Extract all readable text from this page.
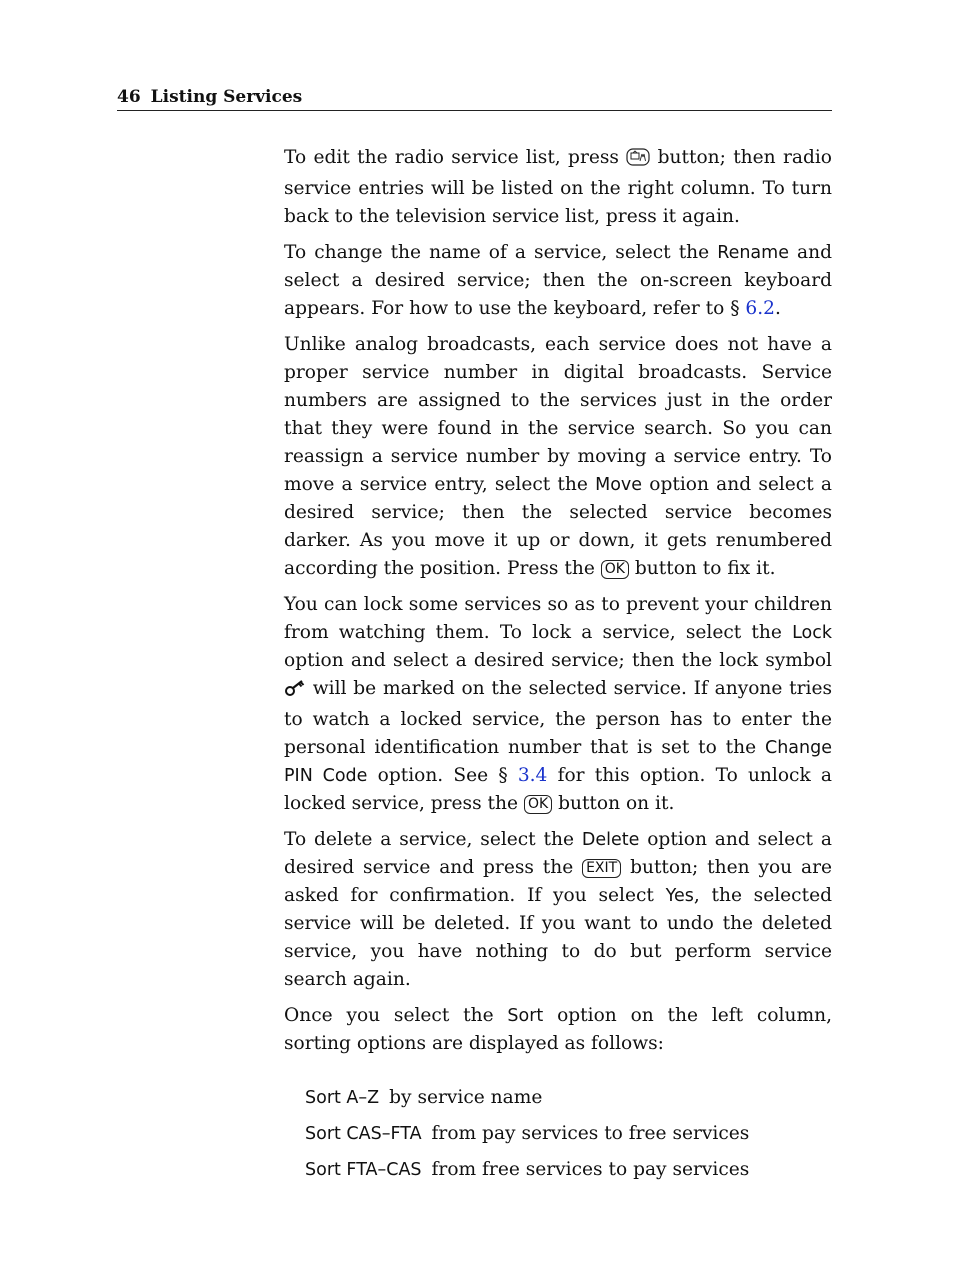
46 Listing Services

To edit the radio service list, press button; then radio service entries will be listed on the right column. To turn back to the television service list, press it again.

To change the name of a service, select the Rename and select a desired service; then the on-screen keyboard appears. For how to use the keyboard, refer to § 6.2.

Unlike analog broadcasts, each service does not have a proper service number in digital broadcasts. Service numbers are assigned to the services just in the order that they were found in the service search. So you can reassign a service number by moving a service entry. To move a service entry, select the Move option and select a desired service; then the selected service becomes darker. As you move it up or down, it gets renumbered according the position. Press the OK button to fix it.

You can lock some services so as to prevent your children from watching them. To lock a service, select the Lock option and select a desired service; then the lock symbol  will be marked on the selected service. If anyone tries to watch a locked service, the person has to enter the personal identification number that is set to the Change PIN Code option. See § 3.4 for this option. To unlock a locked service, press the OK button on it.

To delete a service, select the Delete option and select a desired service and press the EXIT button; then you are asked for confirmation. If you select Yes, the selected service will be deleted. If you want to undo the deleted service, you have nothing to do but perform service search again.

Once you select the Sort option on the left column, sorting options are displayed as follows:

Sort A–Z by service name
Sort CAS–FTA from pay services to free services
Sort FTA–CAS from free services to pay services
